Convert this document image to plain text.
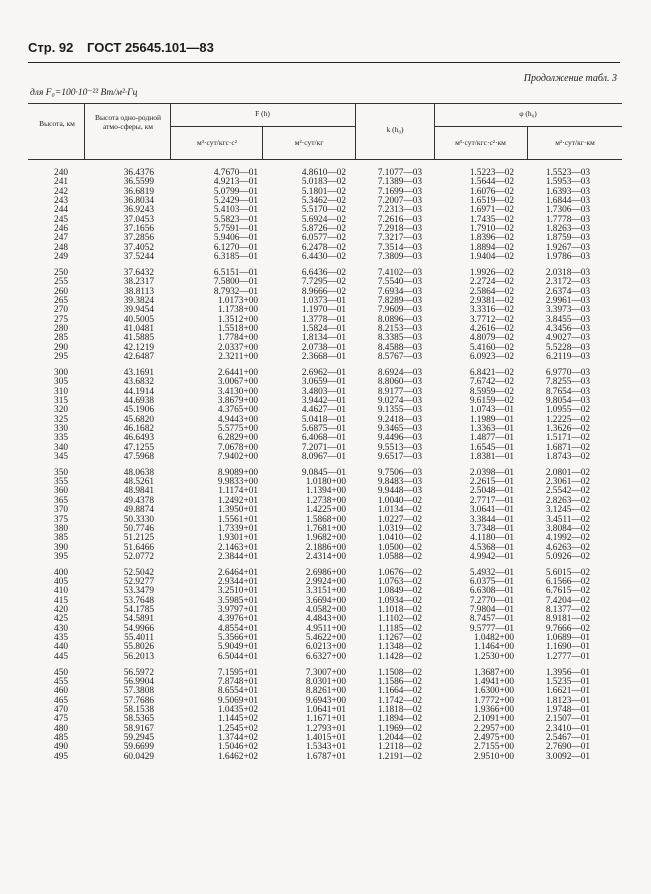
Стр. 92 ГОСТ 25645.101—83
Продолжение табл. 3
для F₀=100·10⁻²² Вт/м²·Гц
Высота, км
Высота одно-родной атмо-сферы, км
F (h)
м³·сут/кгс·с²	м²·сут/кг
k (h₀)
φ (h₀)
м³·сут/кгс·с²·км	м²·сут/кг·км
240	36.4376	4.7670—01	4.8610—02	7.1077—03	1.5223—02	1.5523—03
241	36.5599	4.9213—01	5.0183—02	7.1389—03	1.5644—02	1.5953—03
242	36.6819	5.0799—01	5.1801—02	7.1699—03	1.6076—02	1.6393—03
243	36.8034	5.2429—01	5.3462—02	7.2007—03	1.6519—02	1.6844—03
244	36.9243	5.4103—01	5.5170—02	7.2313—03	1.6971—02	1.7306—03
245	37.0453	5.5823—01	5.6924—02	7.2616—03	1.7435—02	1.7778—03
246	37.1656	5.7591—01	5.8726—02	7.2918—03	1.7910—02	1.8263—03
247	37.2856	5.9406—01	6.0577—02	7.3217—03	1.8396—02	1.8759—03
248	37.4052	6.1270—01	6.2478—02	7.3514—03	1.8894—02	1.9267—03
249	37.5244	6.3185—01	6.4430—02	7.3809—03	1.9404—02	1.9786—03
250	37.6432	6.5151—01	6.6436—02	7.4102—03	1.9926—02	2.0318—03
255	38.2317	7.5800—01	7.7295—02	7.5540—03	2.2724—02	2.3172—03
260	38.8113	8.7932—01	8.9666—02	7.6934—03	2.5864—02	2.6374—03
265	39.3824	1.0173+00	1.0373—01	7.8289—03	2.9381—02	2.9961—03
270	39.9454	1.1738+00	1.1970—01	7.9609—03	3.3316—02	3.3973—03
275	40.5005	1.3512+00	1.3778—01	8.0896—03	3.7712—02	3.8455—03
280	41.0481	1.5518+00	1.5824—01	8.2153—03	4.2616—02	4.3456—03
285	41.5885	1.7784+00	1.8134—01	8.3385—03	4.8079—02	4.9027—03
290	42.1219	2.0337+00	2.0738—01	8.4588—03	5.4160—02	5.5228—03
295	42.6487	2.3211+00	2.3668—01	8.5767—03	6.0923—02	6.2119—03
300	43.1691	2.6441+00	2.6962—01	8.6924—03	6.8421—02	6.9770—03
305	43.6832	3.0067+00	3.0659—01	8.8060—03	7.6742—02	7.8255—03
310	44.1914	3.4130+00	3.4803—01	8.9177—03	8.5959—02	8.7654—03
315	44.6938	3.8679+00	3.9442—01	9.0274—03	9.6159—02	9.8054—03
320	45.1906	4.3765+00	4.4627—01	9.1355—03	1.0743—01	1.0955—02
325	45.6820	4.9443+00	5.0418—01	9.2418—03	1.1989—01	1.2225—02
330	46.1682	5.5775+00	5.6875—01	9.3465—03	1.3363—01	1.3626—02
335	46.6493	6.2829+00	6.4068—01	9.4496—03	1.4877—01	1.5171—02
340	47.1255	7.0678+00	7.2071—01	9.5513—03	1.6545—01	1.6871—02
345	47.5968	7.9402+00	8.0967—01	9.6517—03	1.8381—01	1.8743—02
350	48.0638	8.9089+00	9.0845—01	9.7506—03	2.0398—01	2.0801—02
355	48.5261	9.9833+00	1.0180+00	9.8483—03	2.2615—01	2.3061—02
360	48.9841	1.1174+01	1.1394+00	9.9448—03	2.5048—01	2.5542—02
365	49.4378	1.2492+01	1.2738+00	1.0040—02	2.7717—01	2.8263—02
370	49.8874	1.3950+01	1.4225+00	1.0134—02	3.0641—01	3.1245—02
375	50.3330	1.5561+01	1.5868+00	1.0227—02	3.3844—01	3.4511—02
380	50.7746	1.7339+01	1.7681+00	1.0319—02	3.7348—01	3.8084—02
385	51.2125	1.9301+01	1.9682+00	1.0410—02	4.1180—01	4.1992—02
390	51.6466	2.1463+01	2.1886+00	1.0500—02	4.5368—01	4.6263—02
395	52.0772	2.3844+01	2.4314+00	1.0588—02	4.9942—01	5.0926—02
400	52.5042	2.6464+01	2.6986+00	1.0676—02	5.4932—01	5.6015—02
405	52.9277	2.9344+01	2.9924+00	1.0763—02	6.0375—01	6.1566—02
410	53.3479	3.2510+01	3.3151+00	1.0849—02	6.6308—01	6.7615—02
415	53.7648	3.5985+01	3.6694+00	1.0934—02	7.2770—01	7.4204—02
420	54.1785	3.9797+01	4.0582+00	1.1018—02	7.9804—01	8.1377—02
425	54.5891	4.3976+01	4.4843+00	1.1102—02	8.7457—01	8.9181—02
430	54.9966	4.8554+01	4.9511+00	1.1185—02	9.5777—01	9.7666—02
435	55.4011	5.3566+01	5.4622+00	1.1267—02	1.0482+00	1.0689—01
440	55.8026	5.9049+01	6.0213+00	1.1348—02	1.1464+00	1.1690—01
445	56.2013	6.5044+01	6.6327+00	1.1428—02	1.2530+00	1.2777—01
450	56.5972	7.1595+01	7.3007+00	1.1508—02	1.3687+00	1.3956—01
455	56.9904	7.8748+01	8.0301+00	1.1586—02	1.4941+00	1.5235—01
460	57.3808	8.6554+01	8.8261+00	1.1664—02	1.6300+00	1.6621—01
465	57.7686	9.5069+01	9.6943+00	1.1742—02	1.7772+00	1.8123—01
470	58.1538	1.0435+02	1.0641+01	1.1818—02	1.9366+00	1.9748—01
475	58.5365	1.1445+02	1.1671+01	1.1894—02	2.1091+00	2.1507—01
480	58.9167	1.2545+02	1.2793+01	1.1969—02	2.2957+00	2.3410—01
485	59.2945	1.3744+02	1.4015+01	1.2044—02	2.4975+00	2.5467—01
490	59.6699	1.5046+02	1.5343+01	1.2118—02	2.7155+00	2.7690—01
495	60.0429	1.6462+02	1.6787+01	1.2191—02	2.9510+00	3.0092—01
